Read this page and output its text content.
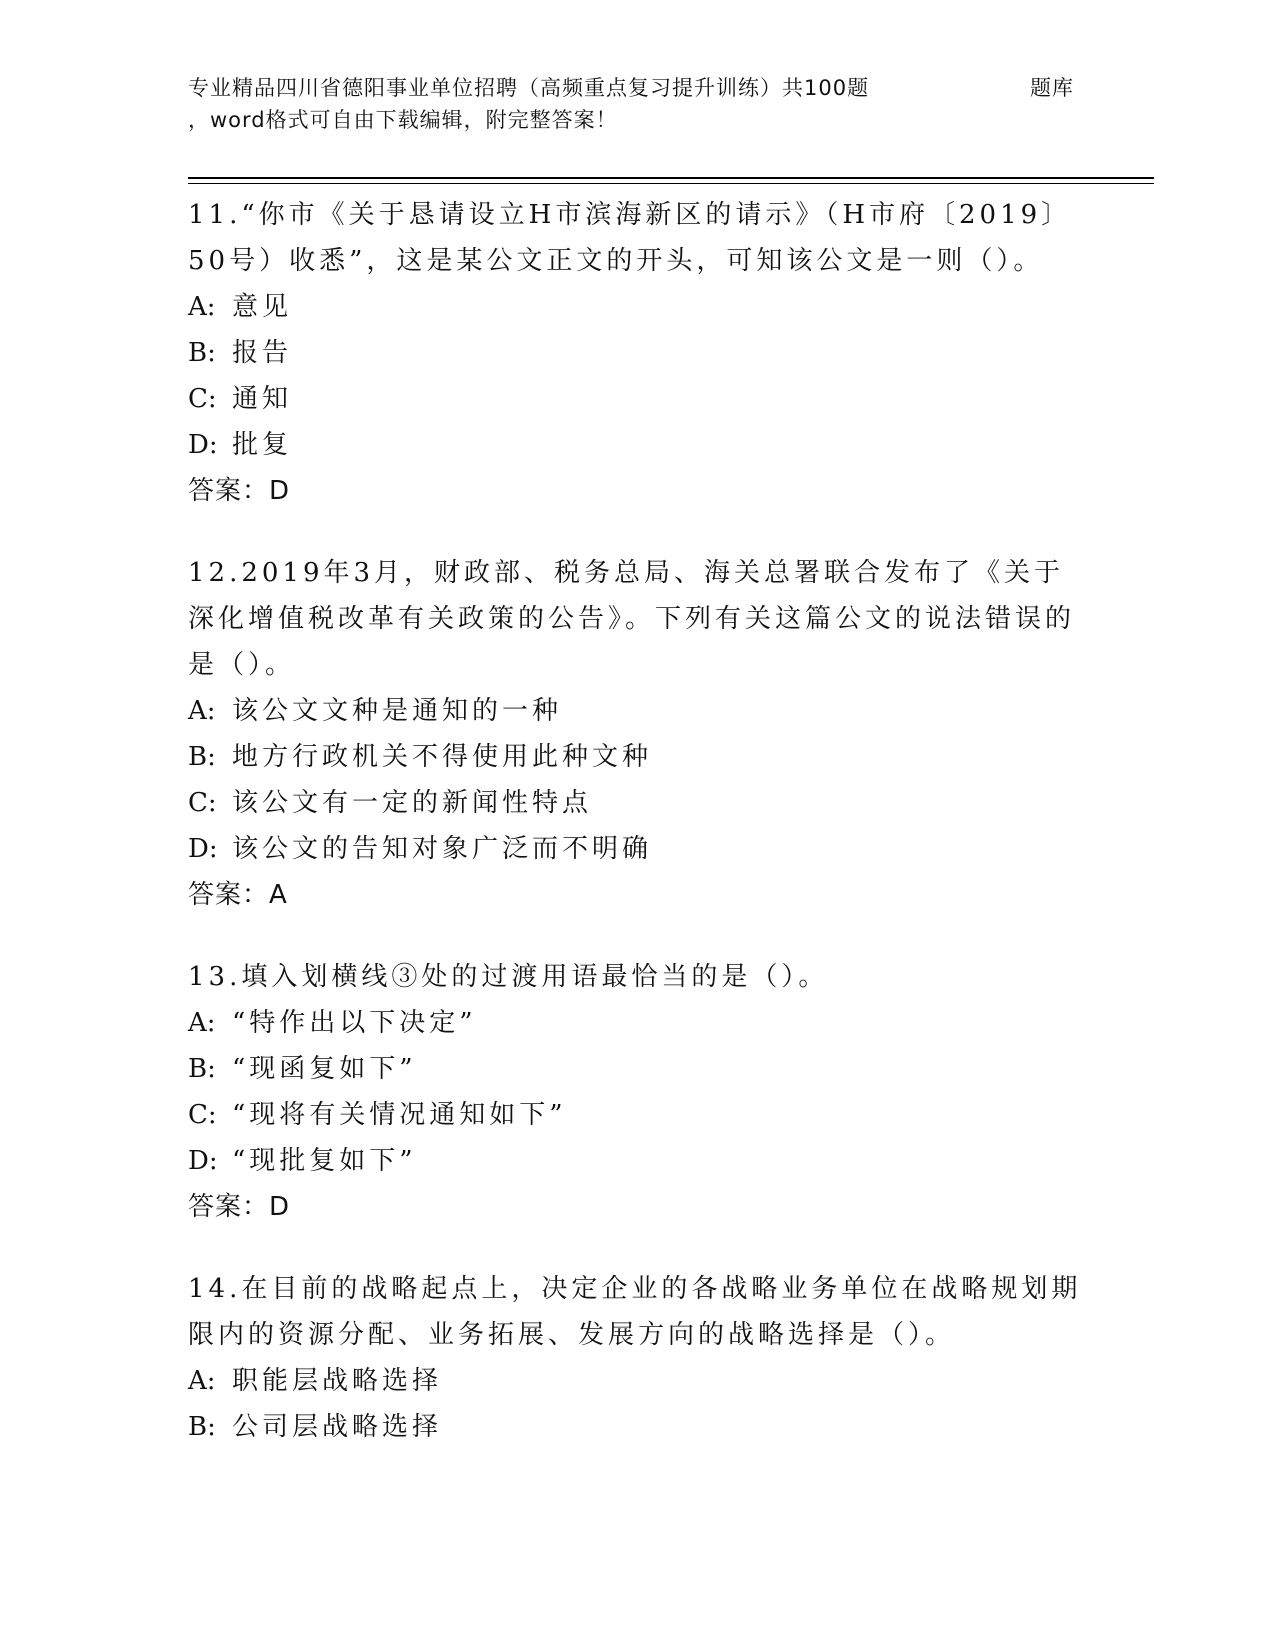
专业精品四川省德阳事业单位招聘（高频重点复习提升训练）共100题	题库
，word格式可自由下载编辑，附完整答案！

11.“你市《关于恳请设立H市滨海新区的请示》（H市府〔2019〕50号）收悉”，这是某公文正文的开头，可知该公文是一则（）。

A: 意见

B: 报告

C: 通知

D: 批复

答案：D

12.2019年3月，财政部、税务总局、海关总署联合发布了《关于深化增值税改革有关政策的公告》。下列有关这篇公文的说法错误的是（）。

A: 该公文文种是通知的一种

B: 地方行政机关不得使用此种文种

C: 该公文有一定的新闻性特点

D: 该公文的告知对象广泛而不明确

答案：A

13.填入划横线③处的过渡用语最恰当的是（）。

A: “特作出以下决定”

B: “现函复如下”

C: “现将有关情况通知如下”

D: “现批复如下”

答案：D

14.在目前的战略起点上，决定企业的各战略业务单位在战略规划期限内的资源分配、业务拓展、发展方向的战略选择是（）。

A: 职能层战略选择

B: 公司层战略选择
